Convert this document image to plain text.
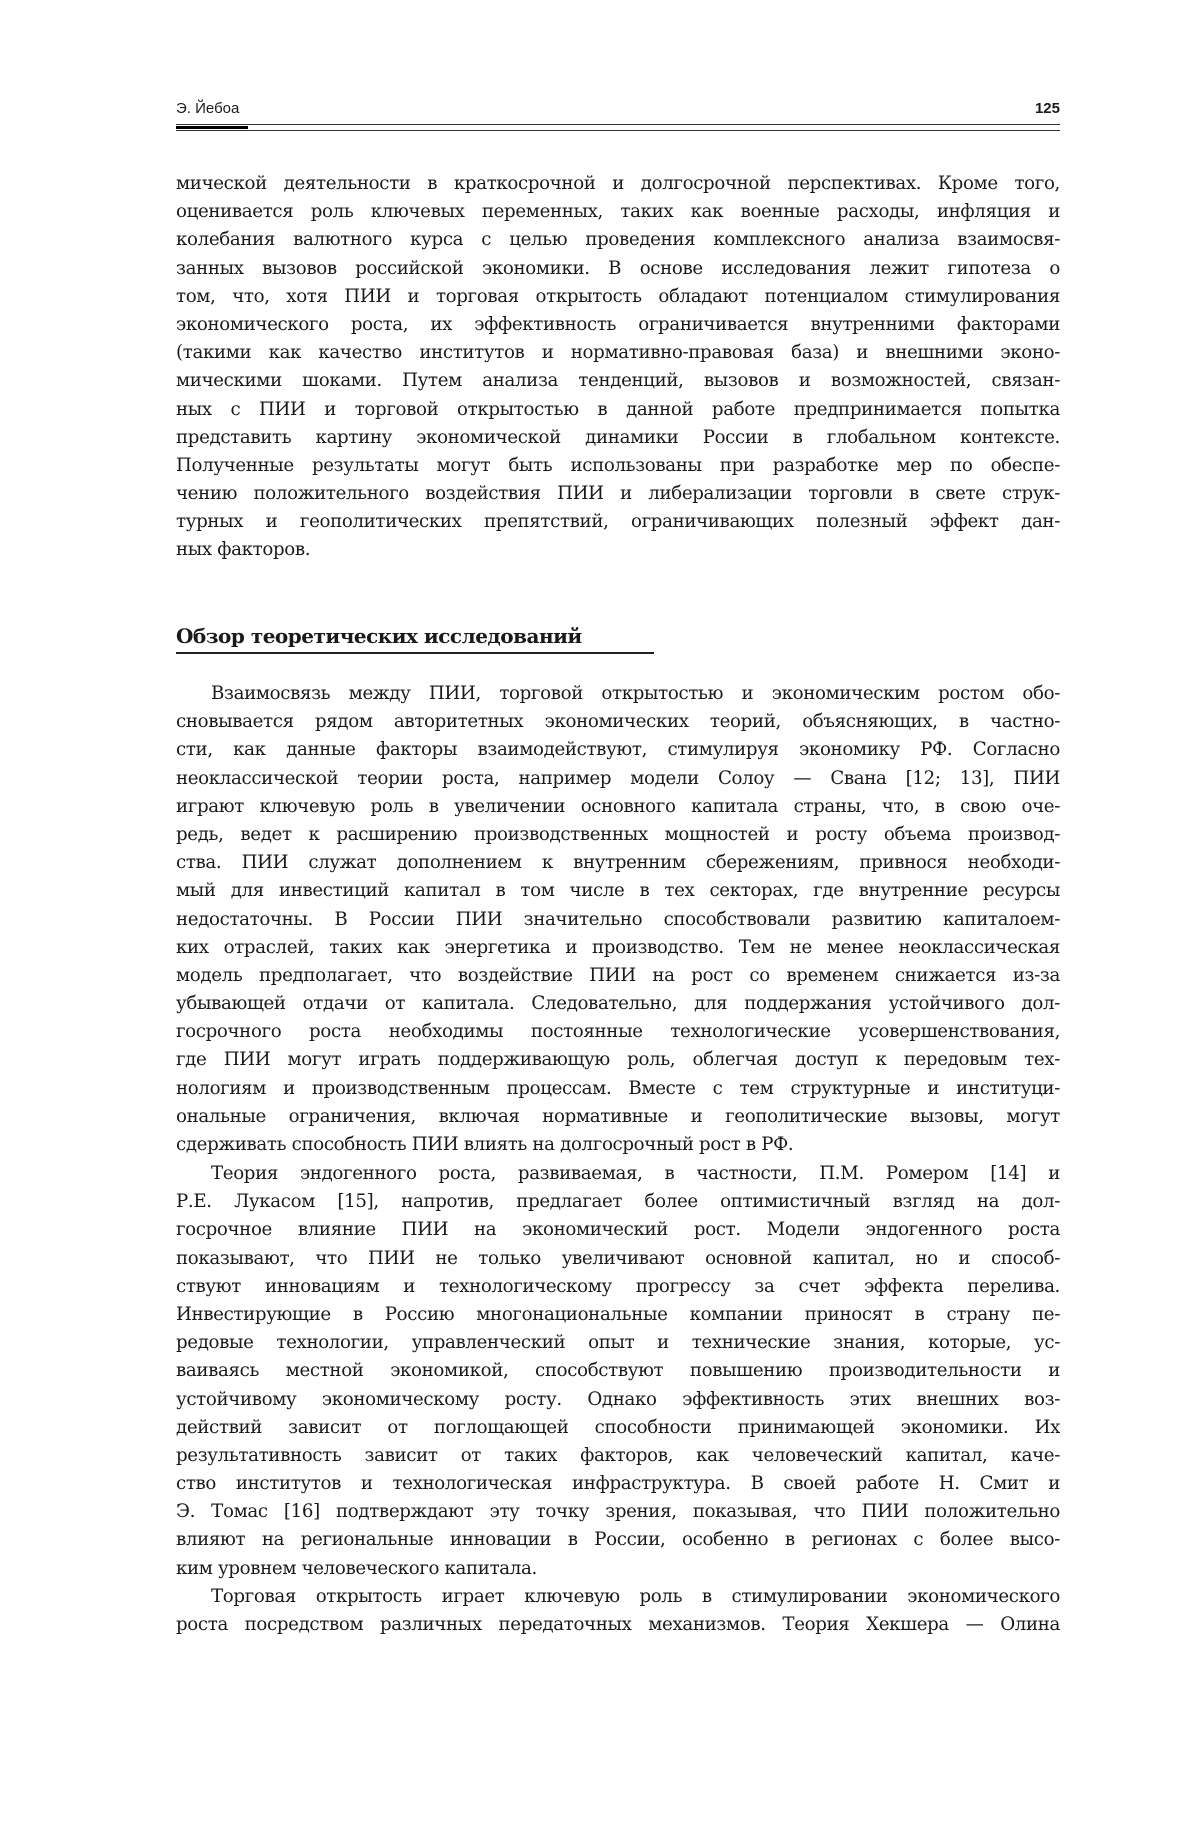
Э. Йебоа	125
мической деятельности в краткосрочной и долгосрочной перспективах. Кроме того,
оценивается роль ключевых переменных, таких как военные расходы, инфляция и
колебания валютного курса с целью проведения комплексного анализа взаимосвя-
занных вызовов российской экономики. В основе исследования лежит гипотеза о
том, что, хотя ПИИ и торговая открытость обладают потенциалом стимулирования
экономического роста, их эффективность ограничивается внутренними факторами
(такими как качество институтов и нормативно-правовая база) и внешними эконо-
мическими шоками. Путем анализа тенденций, вызовов и возможностей, связан-
ных с ПИИ и торговой открытостью в данной работе предпринимается попытка
представить картину экономической динамики России в глобальном контексте.
Полученные результаты могут быть использованы при разработке мер по обеспе-
чению положительного воздействия ПИИ и либерализации торговли в свете струк-
турных и геополитических препятствий, ограничивающих полезный эффект дан-
ных факторов.
Обзор теоретических исследований
Взаимосвязь между ПИИ, торговой открытостью и экономическим ростом обо-
сновывается рядом авторитетных экономических теорий, объясняющих, в частно-
сти, как данные факторы взаимодействуют, стимулируя экономику РФ. Согласно
неоклассической теории роста, например модели Солоу — Свана [12; 13], ПИИ
играют ключевую роль в увеличении основного капитала страны, что, в свою оче-
редь, ведет к расширению производственных мощностей и росту объема производ-
ства. ПИИ служат дополнением к внутренним сбережениям, привнося необходи-
мый для инвестиций капитал в том числе в тех секторах, где внутренние ресурсы
недостаточны. В России ПИИ значительно способствовали развитию капиталоем-
ких отраслей, таких как энергетика и производство. Тем не менее неоклассическая
модель предполагает, что воздействие ПИИ на рост со временем снижается из-за
убывающей отдачи от капитала. Следовательно, для поддержания устойчивого дол-
госрочного роста необходимы постоянные технологические усовершенствования,
где ПИИ могут играть поддерживающую роль, облегчая доступ к передовым тех-
нологиям и производственным процессам. Вместе с тем структурные и институци-
ональные ограничения, включая нормативные и геополитические вызовы, могут
сдерживать способность ПИИ влиять на долгосрочный рост в РФ.
Теория эндогенного роста, развиваемая, в частности, П.М. Ромером [14] и
Р.Е. Лукасом [15], напротив, предлагает более оптимистичный взгляд на дол-
госрочное влияние ПИИ на экономический рост. Модели эндогенного роста
показывают, что ПИИ не только увеличивают основной капитал, но и способ-
ствуют инновациям и технологическому прогрессу за счет эффекта перелива.
Инвестирующие в Россию многонациональные компании приносят в страну пе-
редовые технологии, управленческий опыт и технические знания, которые, ус-
ваиваясь местной экономикой, способствуют повышению производительности и
устойчивому экономическому росту. Однако эффективность этих внешних воз-
действий зависит от поглощающей способности принимающей экономики. Их
результативность зависит от таких факторов, как человеческий капитал, каче-
ство институтов и технологическая инфраструктура. В своей работе Н. Смит и
Э. Томас [16] подтверждают эту точку зрения, показывая, что ПИИ положительно
влияют на региональные инновации в России, особенно в регионах с более высо-
ким уровнем человеческого капитала.
Торговая открытость играет ключевую роль в стимулировании экономического
роста посредством различных передаточных механизмов. Теория Хекшера — Олина
